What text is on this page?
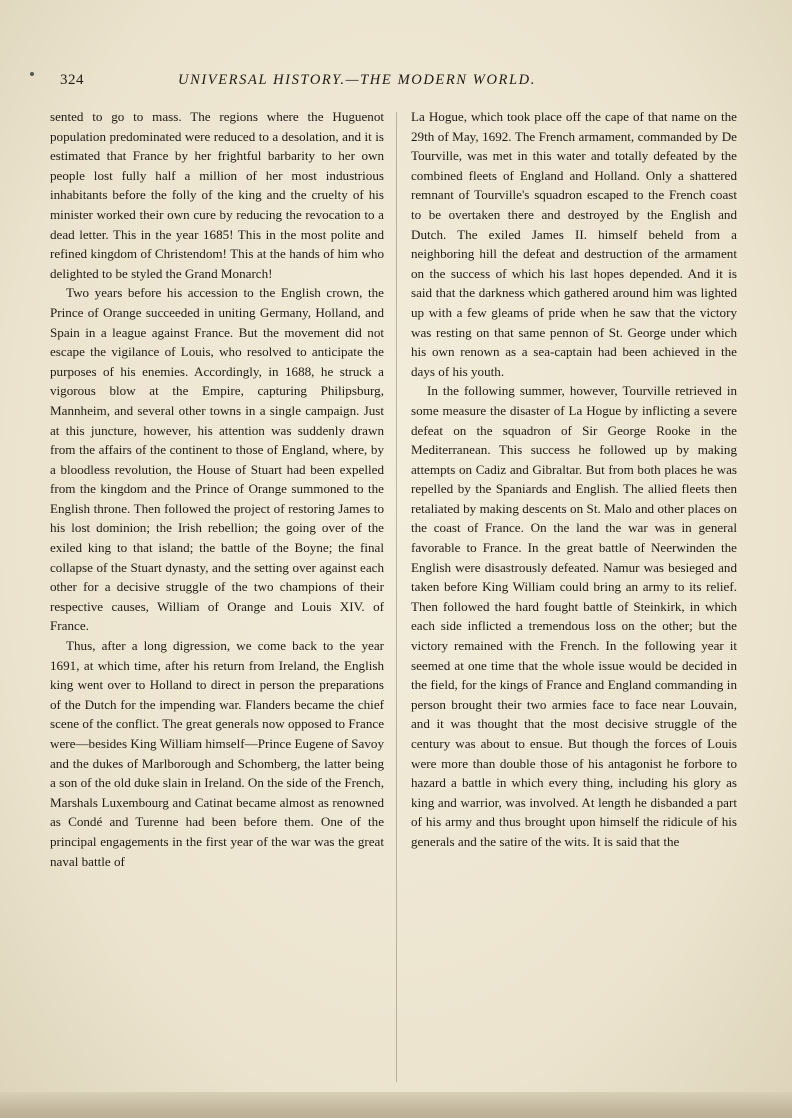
324	UNIVERSAL HISTORY.—THE MODERN WORLD.

sented to go to mass. The regions where the Huguenot population predominated were reduced to a desolation, and it is estimated that France by her frightful barbarity to her own people lost fully half a million of her most industrious inhabitants before the folly of the king and the cruelty of his minister worked their own cure by reducing the revocation to a dead letter. This in the year 1685! This in the most polite and refined kingdom of Christendom! This at the hands of him who delighted to be styled the Grand Monarch!

Two years before his accession to the English crown, the Prince of Orange succeeded in uniting Germany, Holland, and Spain in a league against France. But the movement did not escape the vigilance of Louis, who resolved to anticipate the purposes of his enemies. Accordingly, in 1688, he struck a vigorous blow at the Empire, capturing Philipsburg, Mannheim, and several other towns in a single campaign. Just at this juncture, however, his attention was suddenly drawn from the affairs of the continent to those of England, where, by a bloodless revolution, the House of Stuart had been expelled from the kingdom and the Prince of Orange summoned to the English throne. Then followed the project of restoring James to his lost dominion; the Irish rebellion; the going over of the exiled king to that island; the battle of the Boyne; the final collapse of the Stuart dynasty, and the setting over against each other for a decisive struggle of the two champions of their respective causes, William of Orange and Louis XIV. of France.

Thus, after a long digression, we come back to the year 1691, at which time, after his return from Ireland, the English king went over to Holland to direct in person the preparations of the Dutch for the impending war. Flanders became the chief scene of the conflict. The great generals now opposed to France were—besides King William himself—Prince Eugene of Savoy and the dukes of Marlborough and Schomberg, the latter being a son of the old duke slain in Ireland. On the side of the French, Marshals Luxembourg and Catinat became almost as renowned as Condé and Turenne had been before them. One of the principal engagements in the first year of the war was the great naval battle of

La Hogue, which took place off the cape of that name on the 29th of May, 1692. The French armament, commanded by De Tourville, was met in this water and totally defeated by the combined fleets of England and Holland. Only a shattered remnant of Tourville's squadron escaped to the French coast to be overtaken there and destroyed by the English and Dutch. The exiled James II. himself beheld from a neighboring hill the defeat and destruction of the armament on the success of which his last hopes depended. And it is said that the darkness which gathered around him was lighted up with a few gleams of pride when he saw that the victory was resting on that same pennon of St. George under which his own renown as a sea-captain had been achieved in the days of his youth.

In the following summer, however, Tourville retrieved in some measure the disaster of La Hogue by inflicting a severe defeat on the squadron of Sir George Rooke in the Mediterranean. This success he followed up by making attempts on Cadiz and Gibraltar. But from both places he was repelled by the Spaniards and English. The allied fleets then retaliated by making descents on St. Malo and other places on the coast of France. On the land the war was in general favorable to France. In the great battle of Neerwinden the English were disastrously defeated. Namur was besieged and taken before King William could bring an army to its relief. Then followed the hard fought battle of Steinkirk, in which each side inflicted a tremendous loss on the other; but the victory remained with the French. In the following year it seemed at one time that the whole issue would be decided in the field, for the kings of France and England commanding in person brought their two armies face to face near Louvain, and it was thought that the most decisive struggle of the century was about to ensue. But though the forces of Louis were more than double those of his antagonist he forbore to hazard a battle in which every thing, including his glory as king and warrior, was involved. At length he disbanded a part of his army and thus brought upon himself the ridicule of his generals and the satire of the wits. It is said that the
